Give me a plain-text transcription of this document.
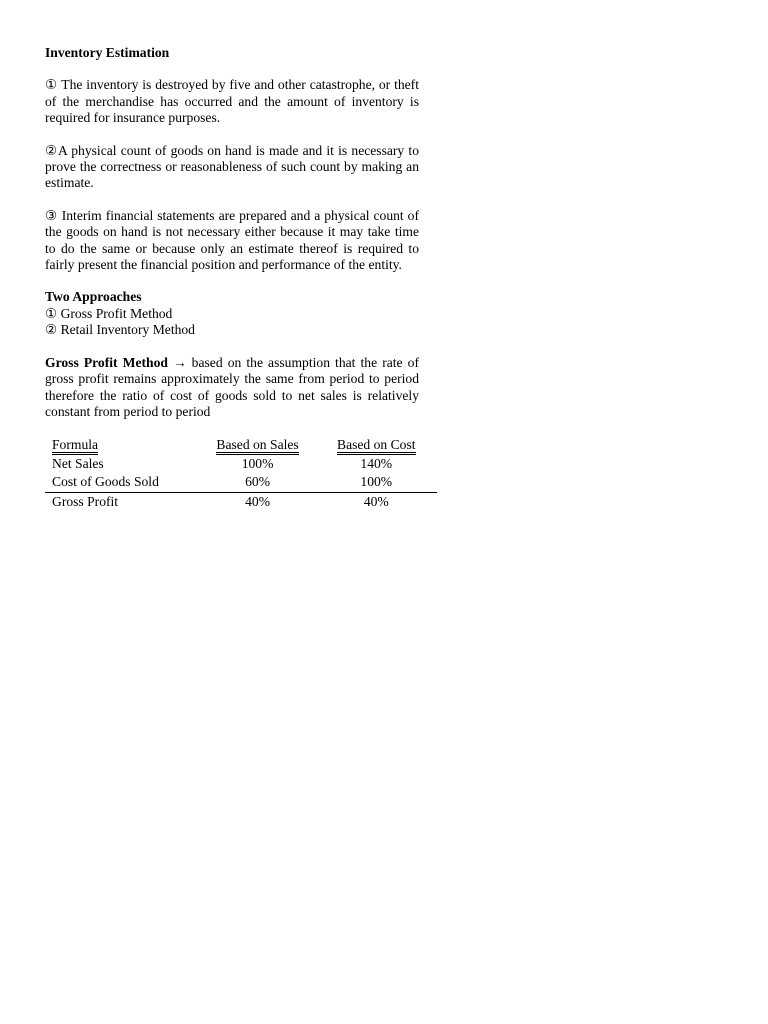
Inventory Estimation

① The inventory is destroyed by five and other catastrophe, or theft of the merchandise has occurred and the amount of inventory is required for insurance purposes.

②A physical count of goods on hand is made and it is necessary to prove the correctness or reasonableness of such count by making an estimate.

③ Interim financial statements are prepared and a physical count of the goods on hand is not necessary either because it may take time to do the same or because only an estimate thereof is required to fairly present the financial position and performance of the entity.

Two Approaches
① Gross Profit Method
② Retail Inventory Method

Gross Profit Method → based on the assumption that the rate of gross profit remains approximately the same from period to period therefore the ratio of cost of goods sold to net sales is relatively constant from period to period

Formula	Based on Sales	Based on Cost
Net Sales	100%	140%
Cost of Goods Sold	60%	100%
Gross Profit	40%	40%
